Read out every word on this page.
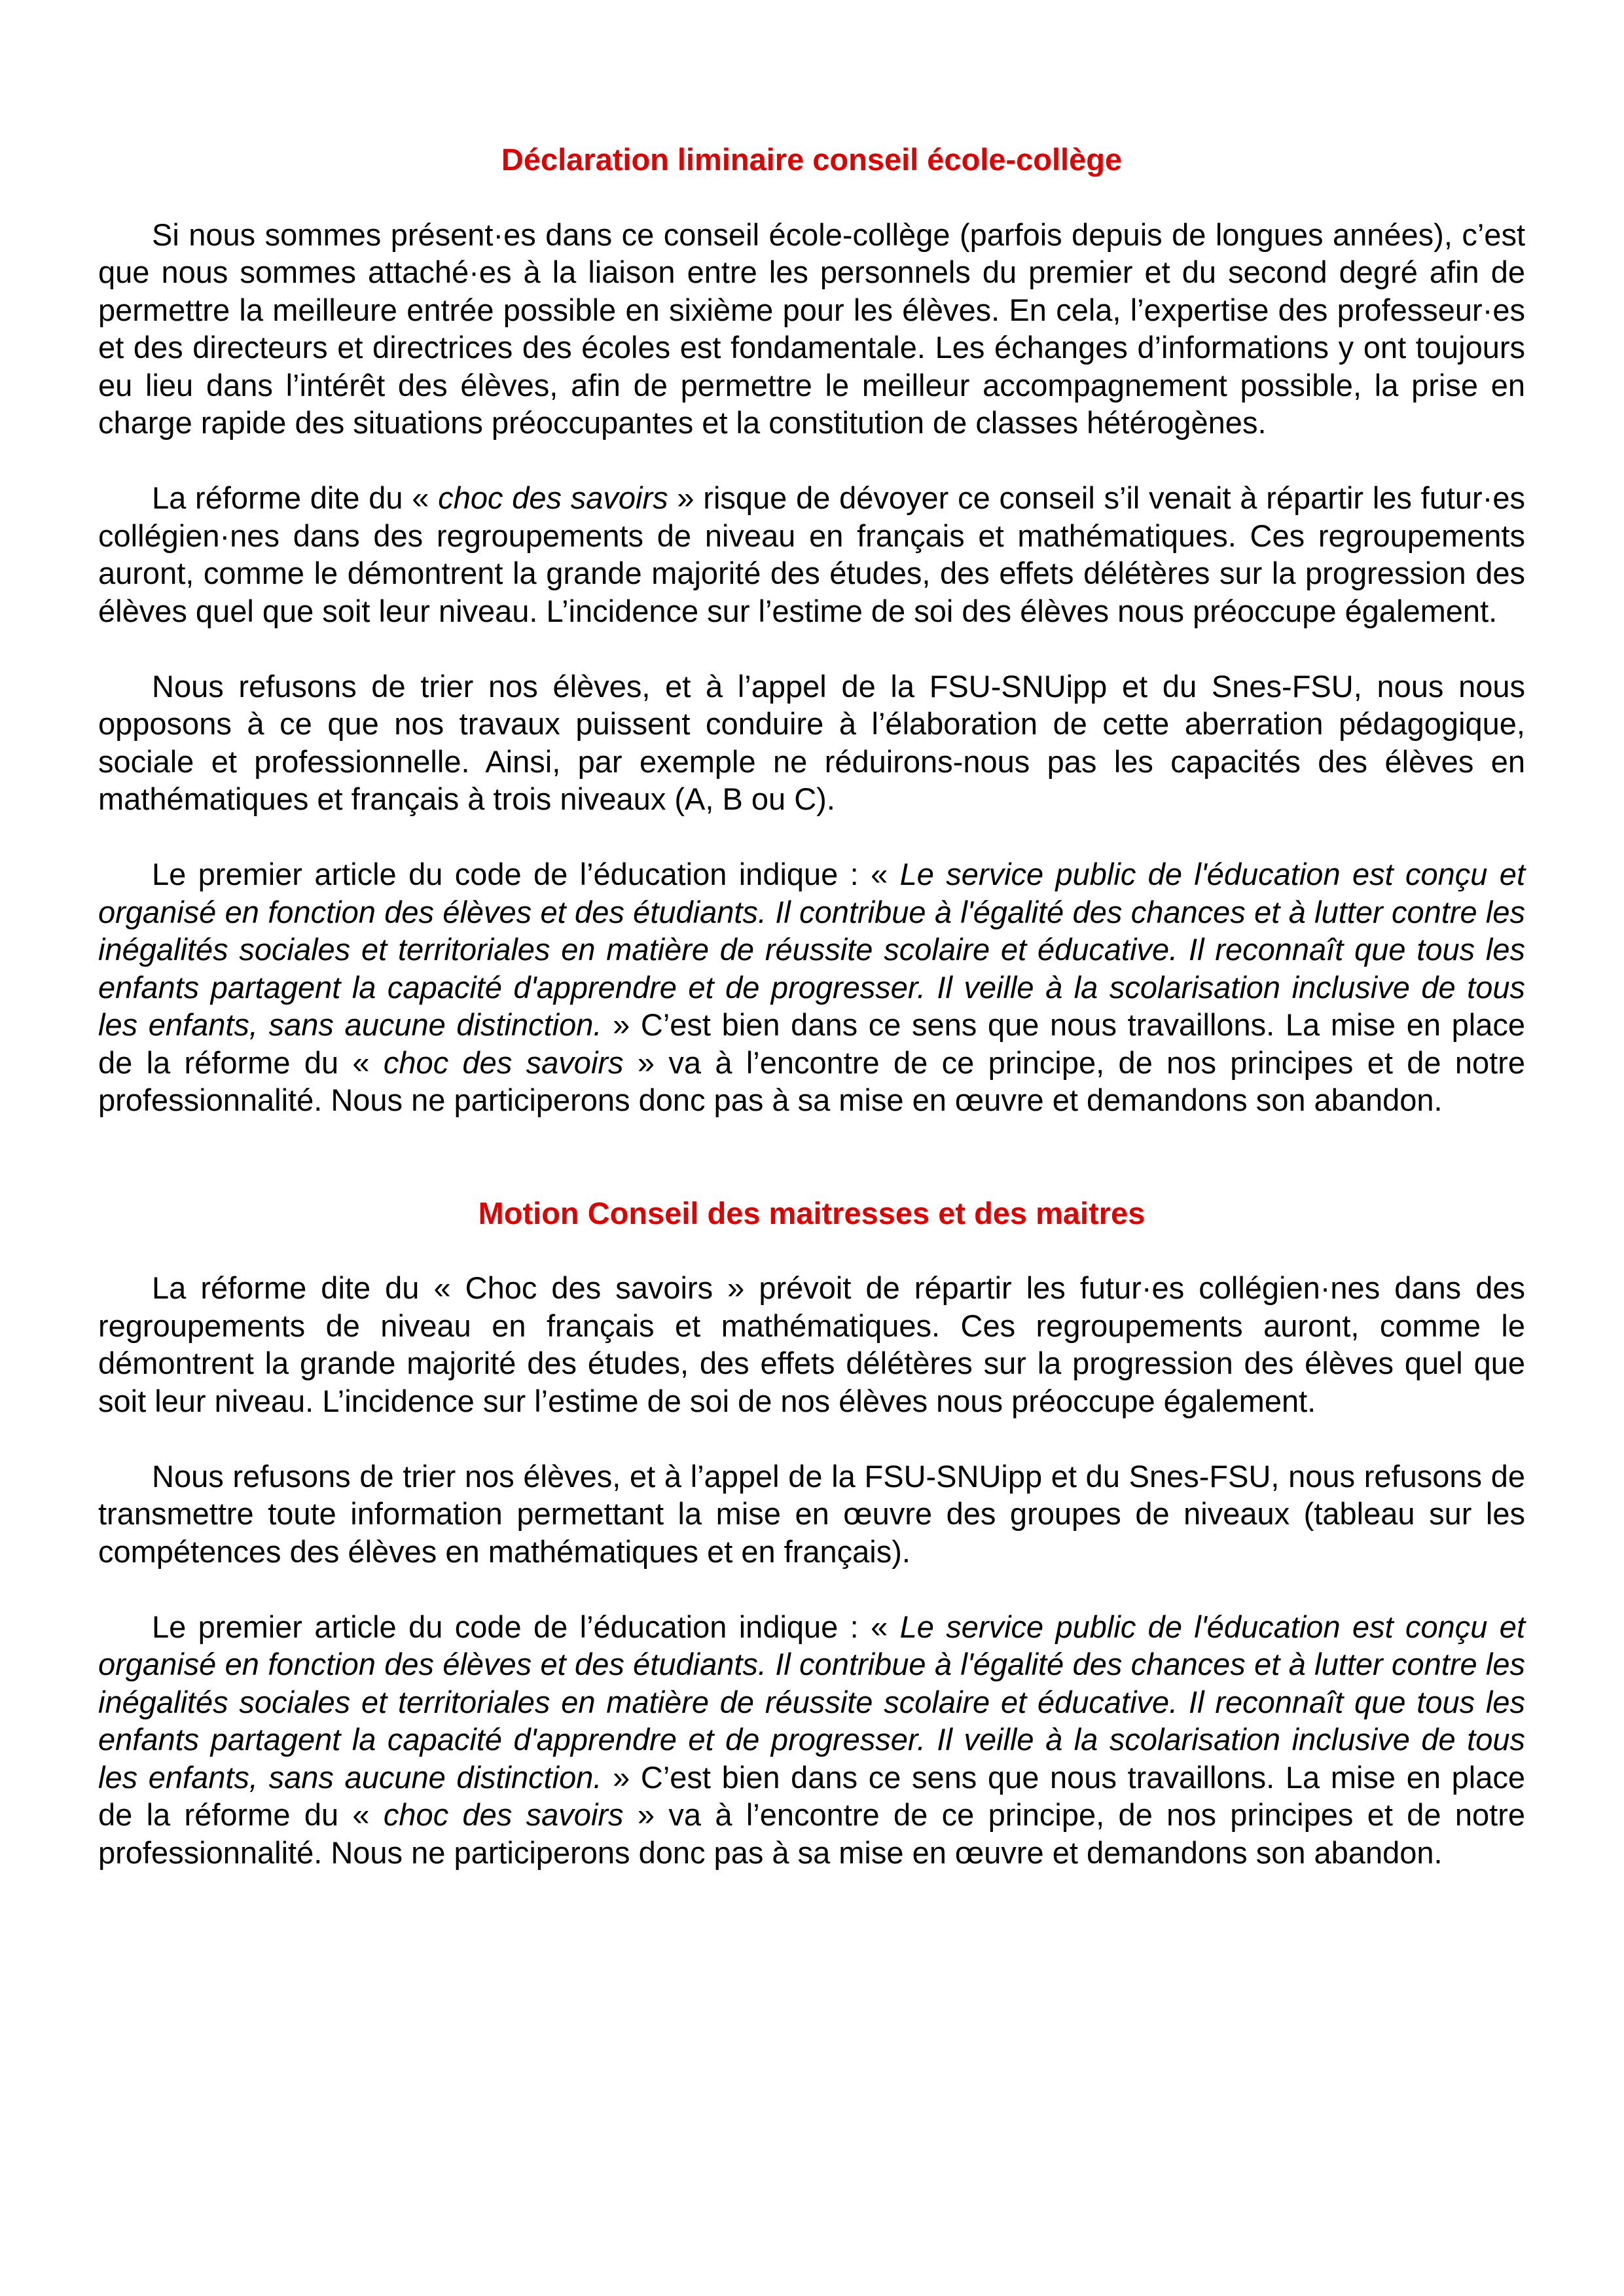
Déclaration liminaire conseil école-collège

Si nous sommes présent·es dans ce conseil école-collège (parfois depuis de longues années), c’est que nous sommes attaché·es à la liaison entre les personnels du premier et du second degré afin de permettre la meilleure entrée possible en sixième pour les élèves. En cela, l’expertise des professeur·es et des directeurs et directrices des écoles est fondamentale. Les échanges d’informations y ont toujours eu lieu dans l’intérêt des élèves, afin de permettre le meilleur accompagnement possible, la prise en charge rapide des situations préoccupantes et la constitution de classes hétérogènes.

La réforme dite du « choc des savoirs » risque de dévoyer ce conseil s’il venait à répartir les futur·es collégien·nes dans des regroupements de niveau en français et mathématiques. Ces regroupements auront, comme le démontrent la grande majorité des études, des effets délétères sur la progression des élèves quel que soit leur niveau. L’incidence sur l’estime de soi des élèves nous préoccupe également.

Nous refusons de trier nos élèves, et à l’appel de la FSU-SNUipp et du Snes-FSU, nous nous opposons à ce que nos travaux puissent conduire à l’élaboration de cette aberration pédagogique, sociale et professionnelle. Ainsi, par exemple ne réduirons-nous pas les capacités des élèves en mathématiques et français à trois niveaux (A, B ou C).

Le premier article du code de l’éducation indique : « Le service public de l'éducation est conçu et organisé en fonction des élèves et des étudiants. Il contribue à l'égalité des chances et à lutter contre les inégalités sociales et territoriales en matière de réussite scolaire et éducative. Il reconnaît que tous les enfants partagent la capacité d'apprendre et de progresser. Il veille à la scolarisation inclusive de tous les enfants, sans aucune distinction. » C’est bien dans ce sens que nous travaillons. La mise en place de la réforme du « choc des savoirs » va à l’encontre de ce principe, de nos principes et de notre professionnalité. Nous ne participerons donc pas à sa mise en œuvre et demandons son abandon.

Motion Conseil des maitresses et des maitres

La réforme dite du « Choc des savoirs » prévoit de répartir les futur·es collégien·nes dans des regroupements de niveau en français et mathématiques. Ces regroupements auront, comme le démontrent la grande majorité des études, des effets délétères sur la progression des élèves quel que soit leur niveau. L’incidence sur l’estime de soi de nos élèves nous préoccupe également.

Nous refusons de trier nos élèves, et à l’appel de la FSU-SNUipp et du Snes-FSU, nous refusons de transmettre toute information permettant la mise en œuvre des groupes de niveaux (tableau sur les compétences des élèves en mathématiques et en français).

Le premier article du code de l’éducation indique : « Le service public de l'éducation est conçu et organisé en fonction des élèves et des étudiants. Il contribue à l'égalité des chances et à lutter contre les inégalités sociales et territoriales en matière de réussite scolaire et éducative. Il reconnaît que tous les enfants partagent la capacité d'apprendre et de progresser. Il veille à la scolarisation inclusive de tous les enfants, sans aucune distinction. » C’est bien dans ce sens que nous travaillons. La mise en place de la réforme du « choc des savoirs » va à l’encontre de ce principe, de nos principes et de notre professionnalité. Nous ne participerons donc pas à sa mise en œuvre et demandons son abandon.
